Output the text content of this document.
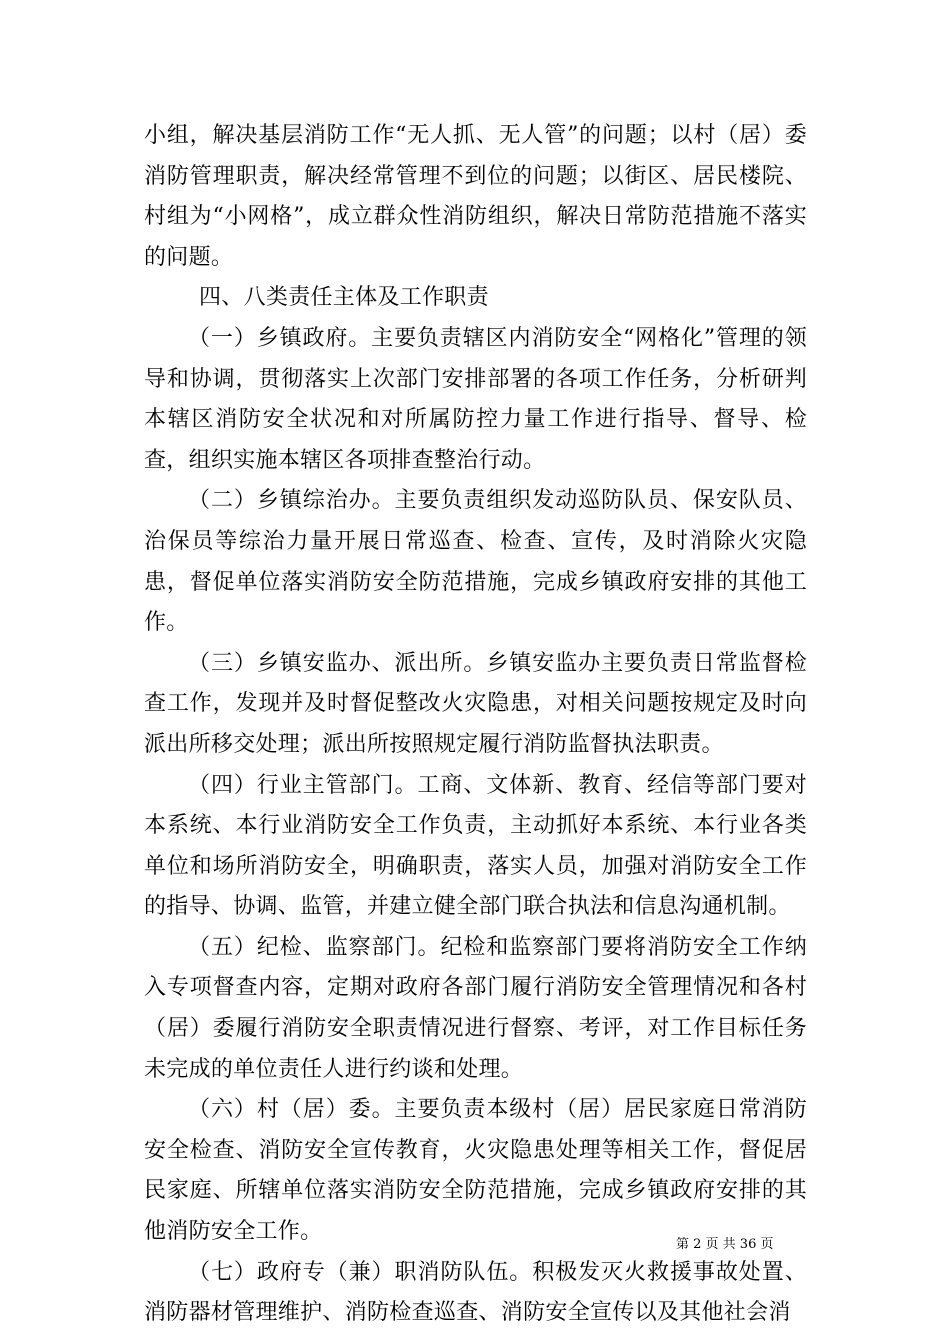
小组，解决基层消防工作“无人抓、无人管”的问题；以村（居）委消防管理职责，解决经常管理不到位的问题；以街区、居民楼院、村组为“小网格”，成立群众性消防组织，解决日常防范措施不落实的问题。

四、八类责任主体及工作职责

（一）乡镇政府。主要负责辖区内消防安全“网格化”管理的领导和协调，贯彻落实上次部门安排部署的各项工作任务，分析研判本辖区消防安全状况和对所属防控力量工作进行指导、督导、检查，组织实施本辖区各项排查整治行动。

（二）乡镇综治办。主要负责组织发动巡防队员、保安队员、治保员等综治力量开展日常巡查、检查、宣传，及时消除火灾隐患，督促单位落实消防安全防范措施，完成乡镇政府安排的其他工作。

（三）乡镇安监办、派出所。乡镇安监办主要负责日常监督检查工作，发现并及时督促整改火灾隐患，对相关问题按规定及时向派出所移交处理；派出所按照规定履行消防监督执法职责。

（四）行业主管部门。工商、文体新、教育、经信等部门要对本系统、本行业消防安全工作负责，主动抓好本系统、本行业各类单位和场所消防安全，明确职责，落实人员，加强对消防安全工作的指导、协调、监管，并建立健全部门联合执法和信息沟通机制。

（五）纪检、监察部门。纪检和监察部门要将消防安全工作纳入专项督查内容，定期对政府各部门履行消防安全管理情况和各村（居）委履行消防安全职责情况进行督察、考评，对工作目标任务未完成的单位责任人进行约谈和处理。

（六）村（居）委。主要负责本级村（居）居民家庭日常消防安全检查、消防安全宣传教育，火灾隐患处理等相关工作，督促居民家庭、所辖单位落实消防安全防范措施，完成乡镇政府安排的其他消防安全工作。

（七）政府专（兼）职消防队伍。积极发灭火救援事故处置、消防器材管理维护、消防检查巡查、消防安全宣传以及其他社会消

第 2 页 共 36 页
